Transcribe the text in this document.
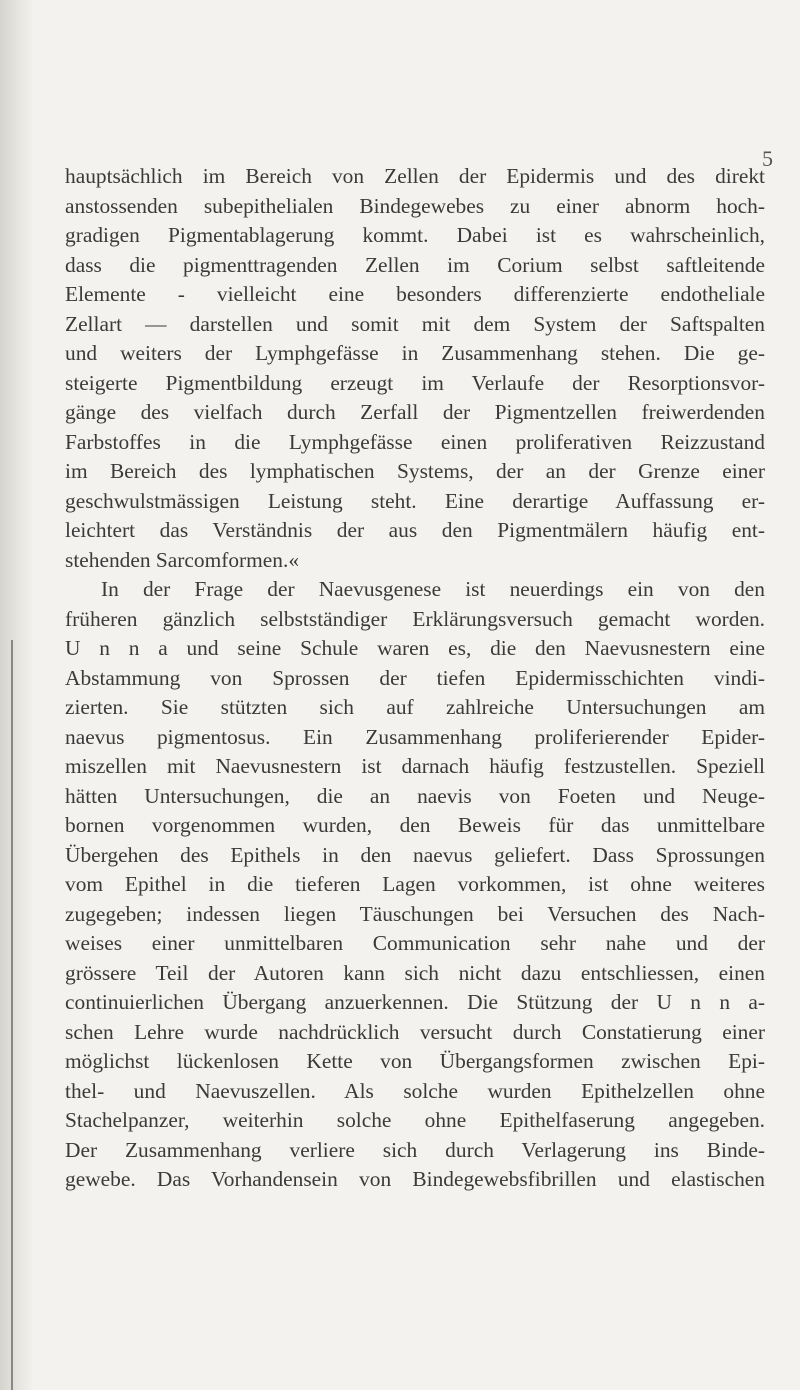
5
hauptsächlich im Bereich von Zellen der Epidermis und des direkt
anstossenden subepithelialen Bindegewebes zu einer abnorm hoch-
gradigen Pigmentablagerung kommt. Dabei ist es wahrscheinlich,
dass die pigmenttragenden Zellen im Corium selbst saftleitende
Elemente - vielleicht eine besonders differenzierte endotheliale
Zellart — darstellen und somit mit dem System der Saftspalten
und weiters der Lymphgefässe in Zusammenhang stehen. Die ge-
steigerte Pigmentbildung erzeugt im Verlaufe der Resorptionsvor-
gänge des vielfach durch Zerfall der Pigmentzellen freiwerdenden
Farbstoffes in die Lymphgefässe einen proliferativen Reizzustand
im Bereich des lymphatischen Systems, der an der Grenze einer
geschwulstmässigen Leistung steht. Eine derartige Auffassung er-
leichtert das Verständnis der aus den Pigmentmälern häufig ent-
stehenden Sarcomformen.«
In der Frage der Naevusgenese ist neuerdings ein von den
früheren gänzlich selbstständiger Erklärungsversuch gemacht worden.
U n n a und seine Schule waren es, die den Naevusnestern eine
Abstammung von Sprossen der tiefen Epidermisschichten vindi-
zierten. Sie stützten sich auf zahlreiche Untersuchungen am
naevus pigmentosus. Ein Zusammenhang proliferierender Epider-
miszellen mit Naevusnestern ist darnach häufig festzustellen. Speziell
hätten Untersuchungen, die an naevis von Foeten und Neuge-
bornen vorgenommen wurden, den Beweis für das unmittelbare
Übergehen des Epithels in den naevus geliefert. Dass Sprossungen
vom Epithel in die tieferen Lagen vorkommen, ist ohne weiteres
zugegeben; indessen liegen Täuschungen bei Versuchen des Nach-
weises einer unmittelbaren Communication sehr nahe und der
grössere Teil der Autoren kann sich nicht dazu entschliessen, einen
continuierlichen Übergang anzuerkennen. Die Stützung der U n n a-
schen Lehre wurde nachdrücklich versucht durch Constatierung einer
möglichst lückenlosen Kette von Übergangsformen zwischen Epi-
thel- und Naevuszellen. Als solche wurden Epithelzellen ohne
Stachelpanzer, weiterhin solche ohne Epithelfaserung angegeben.
Der Zusammenhang verliere sich durch Verlagerung ins Binde-
gewebe. Das Vorhandensein von Bindegewebsfibrillen und elastischen
